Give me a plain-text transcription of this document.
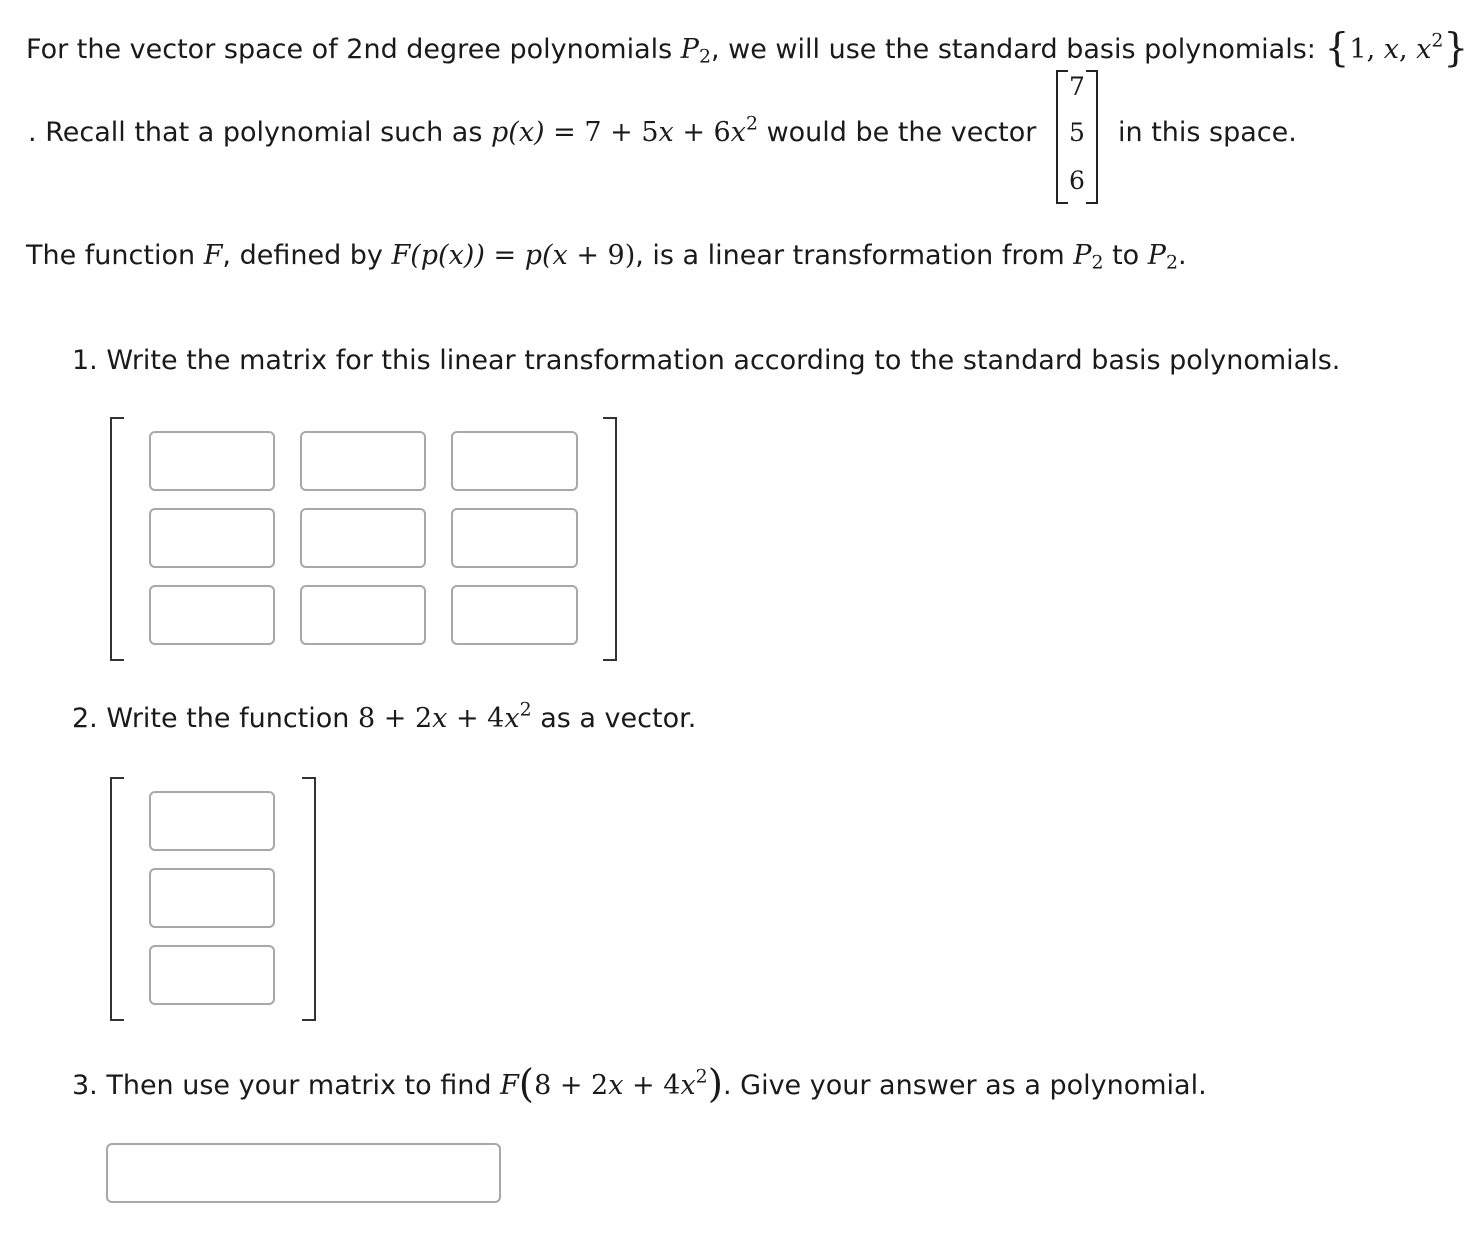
For the vector space of 2nd degree polynomials $P_2$, we will use the standard basis polynomials: {1, x, $x^2$}
. Recall that a polynomial such as $p(x) = 7 + 5x + 6x^2$ would be the vector
7
5
6
in this space.
The function F, defined by F(p(x)) = p(x + 9), is a linear transformation from $P_2$ to $P_2$.
1. Write the matrix for this linear transformation according to the standard basis polynomials.
2. Write the function $8 + 2x + 4x^2$ as a vector.
3. Then use your matrix to find $F(8 + 2x + 4x^2)$. Give your answer as a polynomial.
